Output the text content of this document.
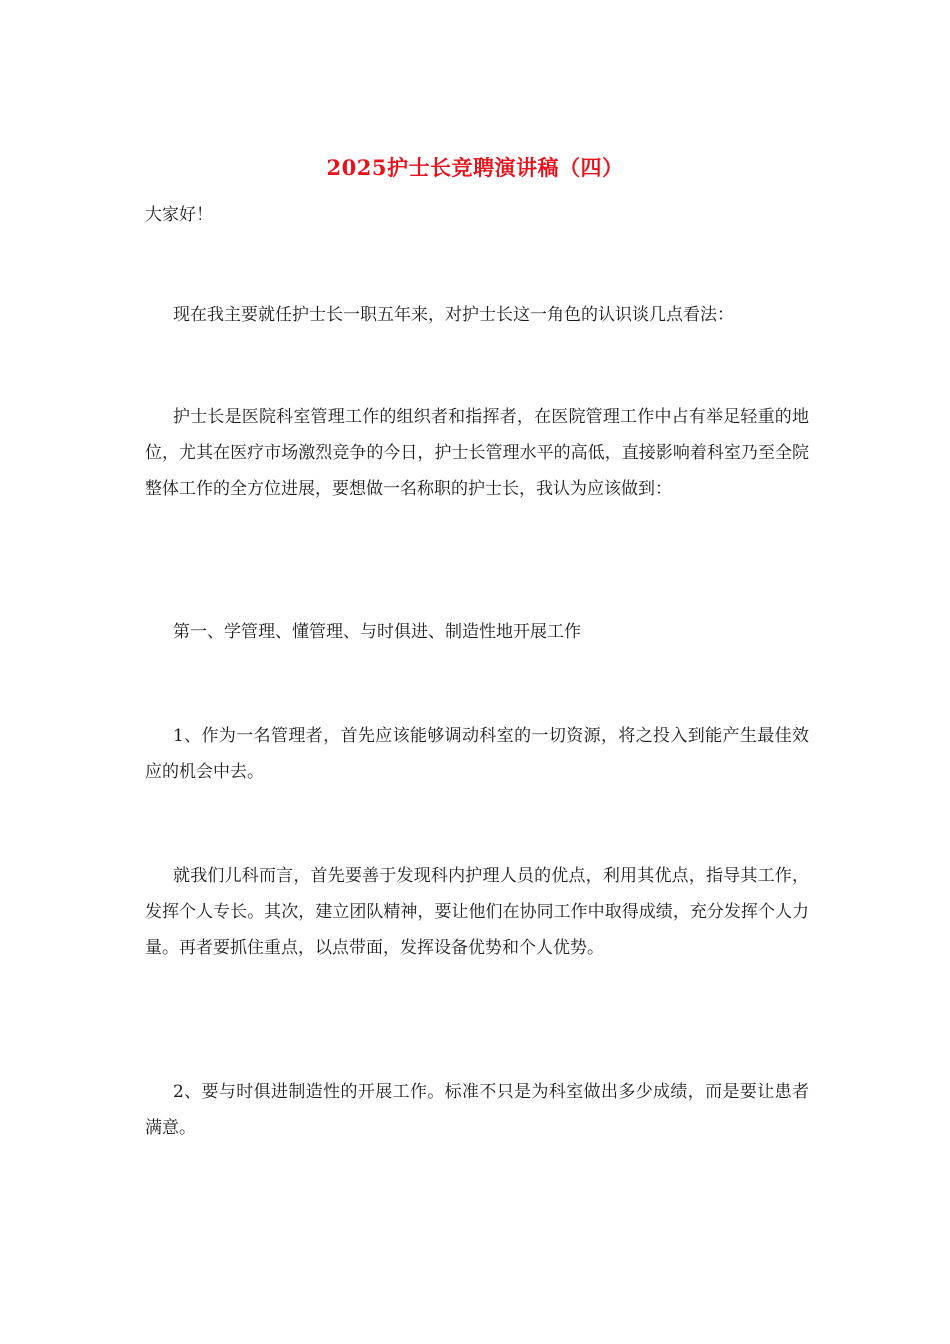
2025护士长竞聘演讲稿（四）

大家好！

现在我主要就任护士长一职五年来，对护士长这一角色的认识谈几点看法：

护士长是医院科室管理工作的组织者和指挥者，在医院管理工作中占有举足轻重的地位，尤其在医疗市场激烈竞争的今日，护士长管理水平的高低，直接影响着科室乃至全院整体工作的全方位进展，要想做一名称职的护士长，我认为应该做到：

第一、学管理、懂管理、与时俱进、制造性地开展工作

1、作为一名管理者，首先应该能够调动科室的一切资源，将之投入到能产生最佳效应的机会中去。

就我们儿科而言，首先要善于发现科内护理人员的优点，利用其优点，指导其工作，发挥个人专长。其次，建立团队精神，要让他们在协同工作中取得成绩，充分发挥个人力量。再者要抓住重点，以点带面，发挥设备优势和个人优势。

2、要与时俱进制造性的开展工作。标准不只是为科室做出多少成绩，而是要让患者满意。
